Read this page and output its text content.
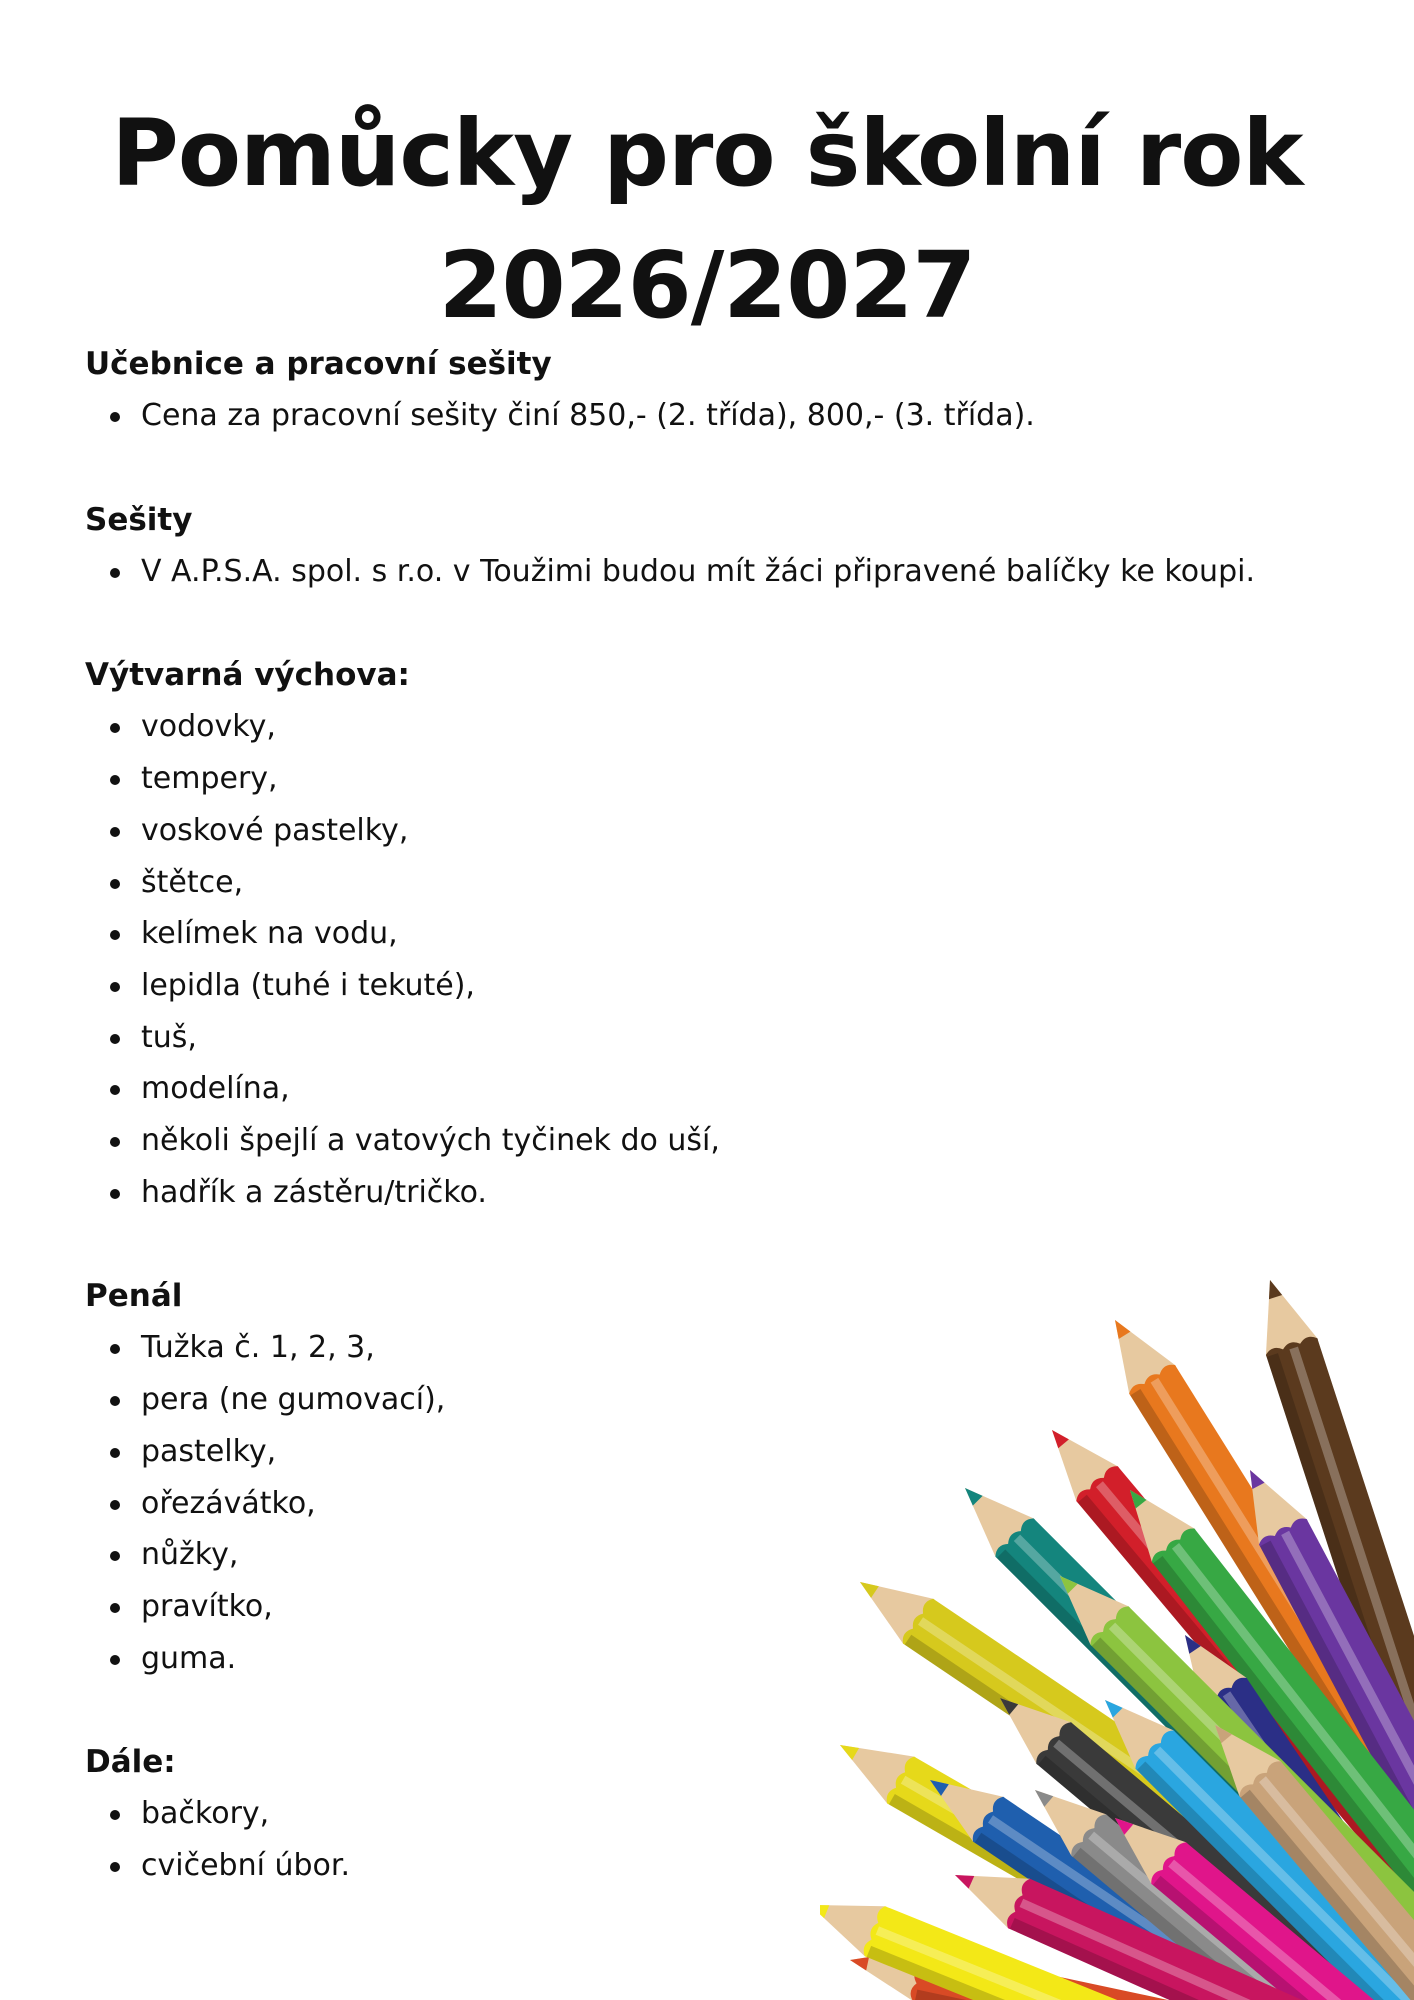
Pomůcky pro školní rok 2026/2027

Učebnice a pracovní sešity

Cena za pracovní sešity činí 850,- (2. třída), 800,- (3. třída).

Sešity

V A.P.S.A. spol. s r.o. v Toužimi budou mít žáci připravené balíčky ke koupi.

Výtvarná výchova:

vodovky,
tempery,
voskové pastelky,
štětce,
kelímek na vodu,
lepidla (tuhé i tekuté),
tuš,
modelína,
několi špejlí a vatových tyčinek do uší,
hadřík a zástěru/tričko.

Penál

Tužka č. 1, 2, 3,
pera (ne gumovací),
pastelky,
ořezávátko,
nůžky,
pravítko,
guma.

Dále:

bačkory,
cvičební úbor.
